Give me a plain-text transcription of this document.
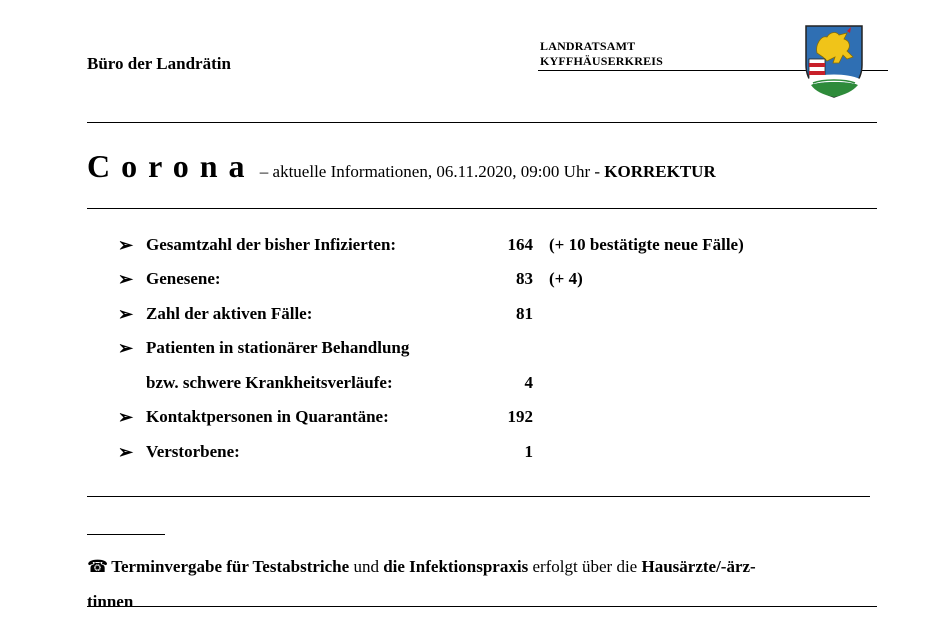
Büro der Landrätin
LANDRATSAMT
KYFFHÄUSERKREIS
Corona – aktuelle Informationen, 06.11.2020, 09:00 Uhr - KORREKTUR
➢ Gesamtzahl der bisher Infizierten:	164 (+ 10 bestätigte neue Fälle)
➢ Genesene:	83 (+ 4)
➢ Zahl der aktiven Fälle:	81
➢ Patienten in stationärer Behandlung
bzw. schwere Krankheitsverläufe:	4
➢ Kontaktpersonen in Quarantäne:	192
➢ Verstorbene:	1
☎ Terminvergabe für Testabstriche und die Infektionspraxis erfolgt über die Hausärzte/-ärz-
tinnen
